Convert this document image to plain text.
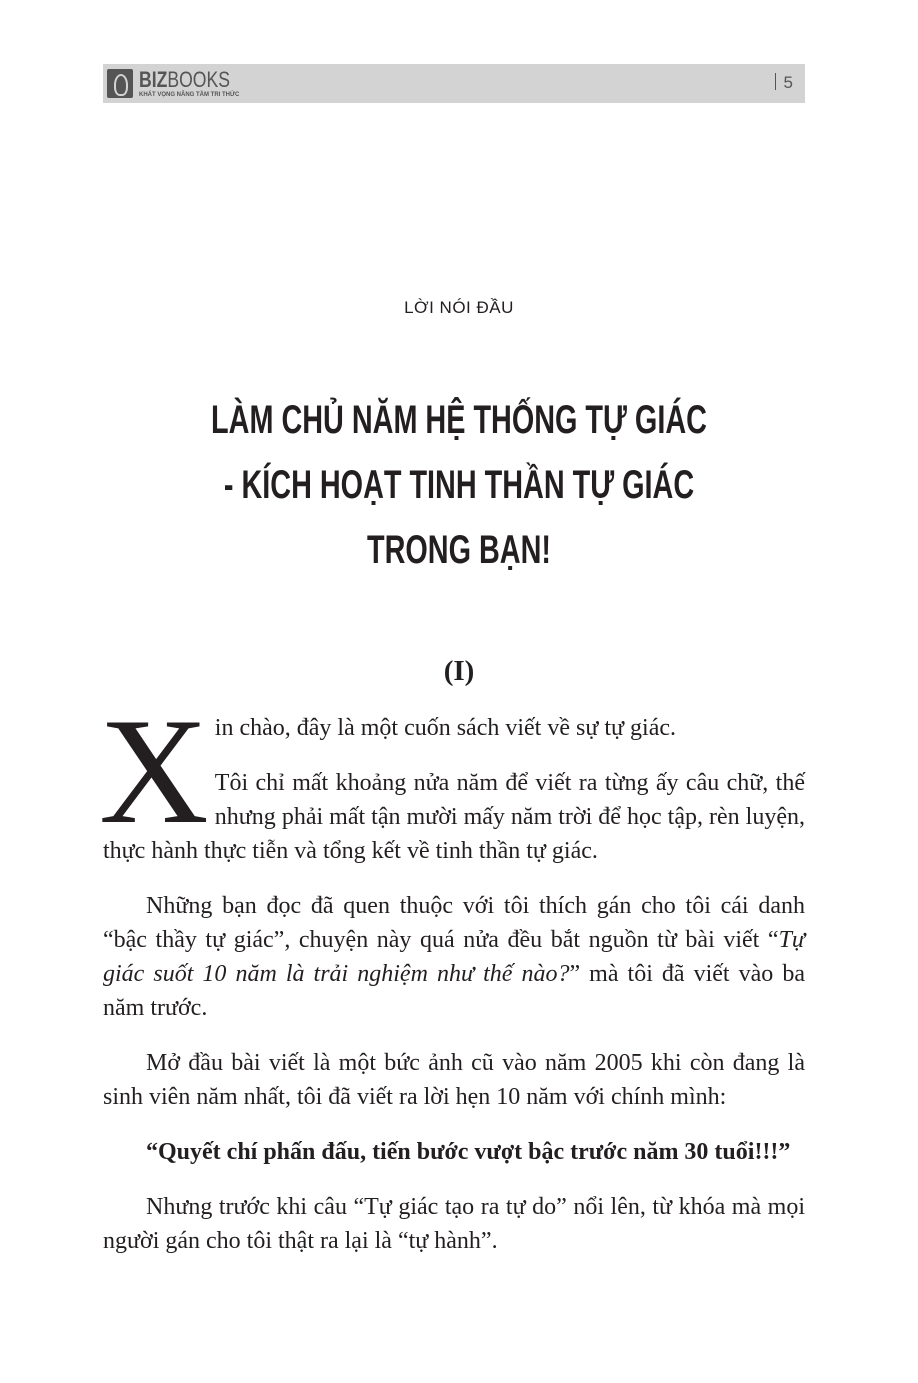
BIZBOOKS
KHÁT VỌNG NÂNG TẦM TRI THỨC
5
LỜI NÓI ĐẦU
LÀM CHỦ NĂM HỆ THỐNG TỰ GIÁC
- KÍCH HOẠT TINH THẦN TỰ GIÁC
TRONG BẠN!
(I)
X in chào, đây là một cuốn sách viết về sự tự giác.

Tôi chỉ mất khoảng nửa năm để viết ra từng ấy câu chữ, thế nhưng phải mất tận mười mấy năm trời để học tập, rèn luyện, thực hành thực tiễn và tổng kết về tinh thần tự giác.

Những bạn đọc đã quen thuộc với tôi thích gán cho tôi cái danh “bậc thầy tự giác”, chuyện này quá nửa đều bắt nguồn từ bài viết “Tự giác suốt 10 năm là trải nghiệm như thế nào?” mà tôi đã viết vào ba năm trước.

Mở đầu bài viết là một bức ảnh cũ vào năm 2005 khi còn đang là sinh viên năm nhất, tôi đã viết ra lời hẹn 10 năm với chính mình:

“Quyết chí phấn đấu, tiến bước vượt bậc trước năm 30 tuổi!!!”

Nhưng trước khi câu “Tự giác tạo ra tự do” nổi lên, từ khóa mà mọi người gán cho tôi thật ra lại là “tự hành”.
